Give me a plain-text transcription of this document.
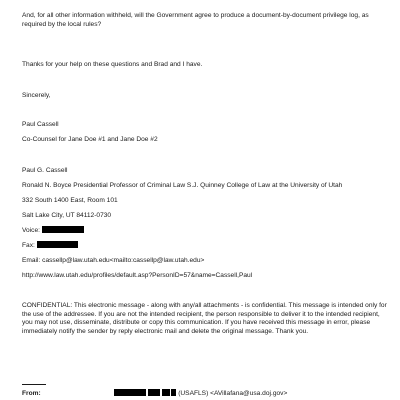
And, for all other information withheld, will the Government agree to produce a document-by-document privilege log, as required by the local rules?
Thanks for your help on these questions and Brad and I have.
Sincerely,
Paul Cassell
Co-Counsel for Jane Doe #1 and Jane Doe #2
Paul G. Cassell
Ronald N. Boyce Presidential Professor of Criminal Law S.J. Quinney College of Law at the University of Utah
332 South 1400 East, Room 101
Salt Lake City, UT 84112-0730
Voice:
Fax:
Email: cassellp@law.utah.edu<mailto:cassellp@law.utah.edu>
http://www.law.utah.edu/profiles/default.asp?PersonID=57&name=Cassell,Paul
CONFIDENTIAL: This electronic message - along with any/all attachments - is confidential. This message is intended only for the use of the addressee. If you are not the intended recipient, the person responsible to deliver it to the intended recipient, you may not use, disseminate, distribute or copy this communication. If you have received this message in error, please immediately notify the sender by reply electronic mail and delete the original message. Thank you.
From:	(USAFLS) <AVillafana@usa.doj.gov>
